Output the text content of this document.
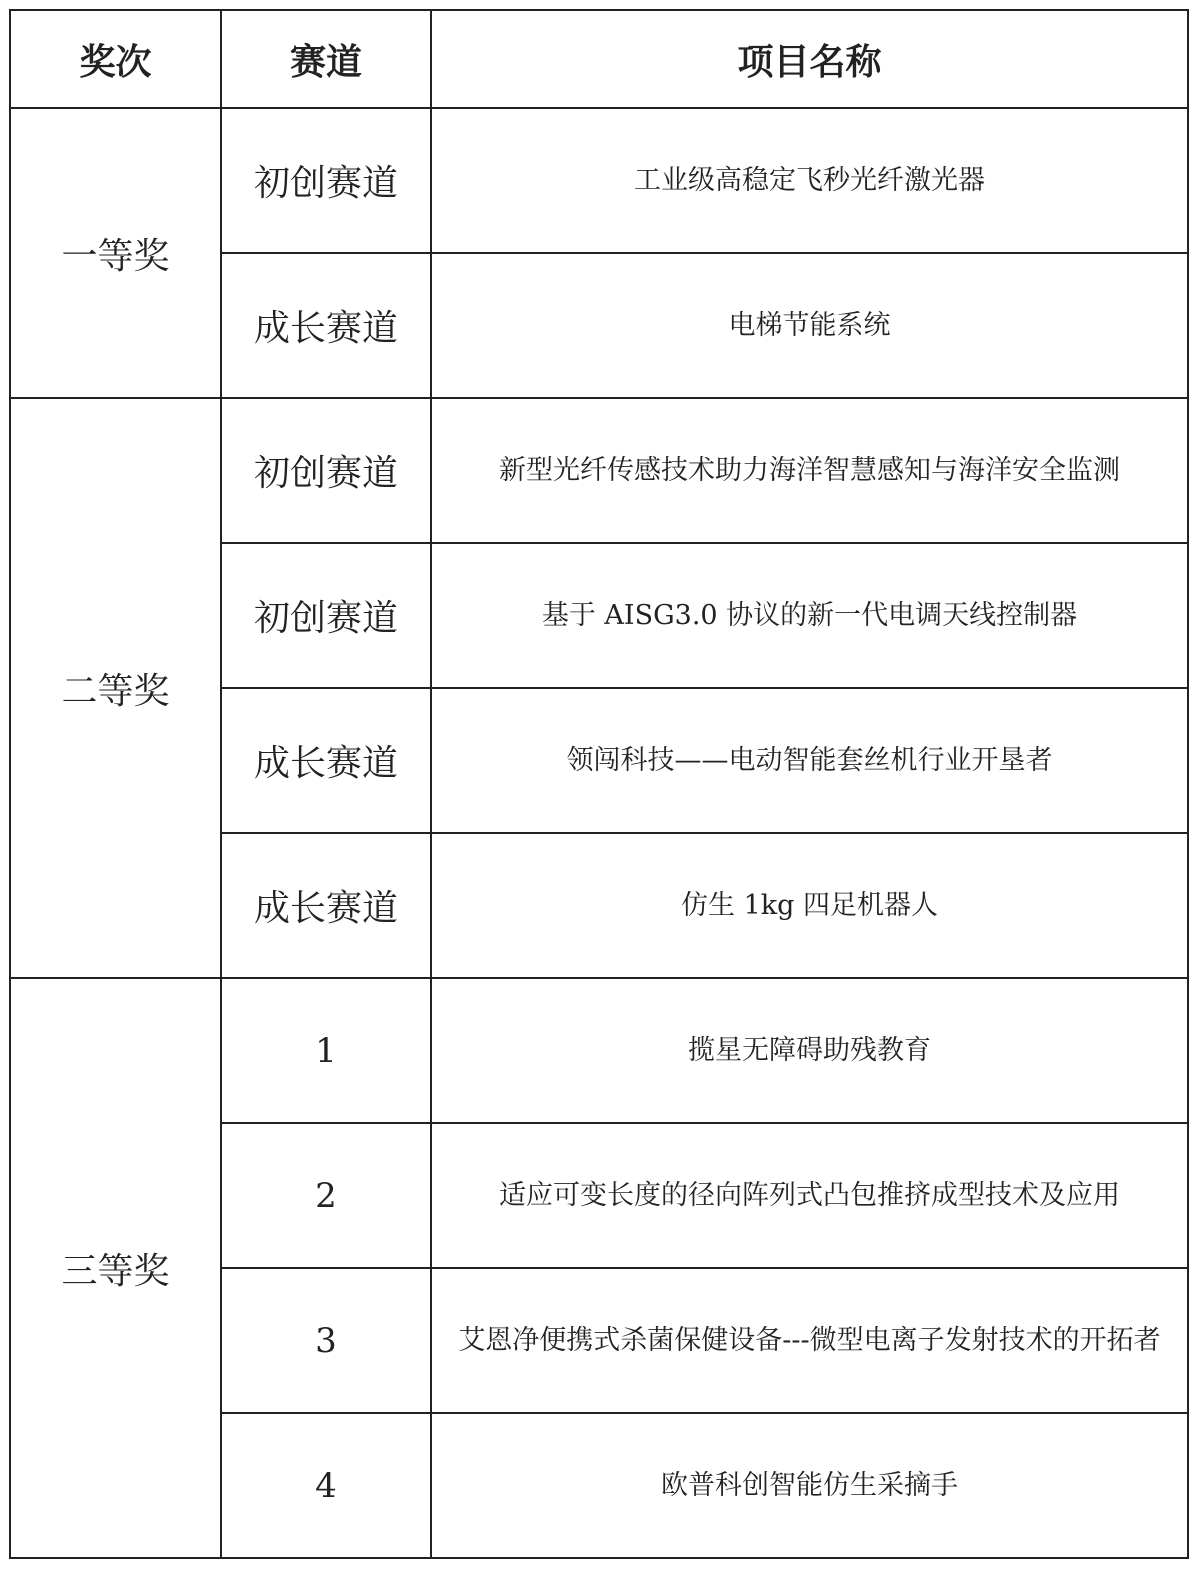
奖次	赛道	项目名称
一等奖	初创赛道	工业级高稳定飞秒光纤激光器
	成长赛道	电梯节能系统
二等奖	初创赛道	新型光纤传感技术助力海洋智慧感知与海洋安全监测
	初创赛道	基于 AISG3.0 协议的新一代电调天线控制器
	成长赛道	领闯科技——电动智能套丝机行业开垦者
	成长赛道	仿生 1kg 四足机器人
三等奖	1	揽星无障碍助残教育
	2	适应可变长度的径向阵列式凸包推挤成型技术及应用
	3	艾恩净便携式杀菌保健设备---微型电离子发射技术的开拓者
	4	欧普科创智能仿生采摘手
